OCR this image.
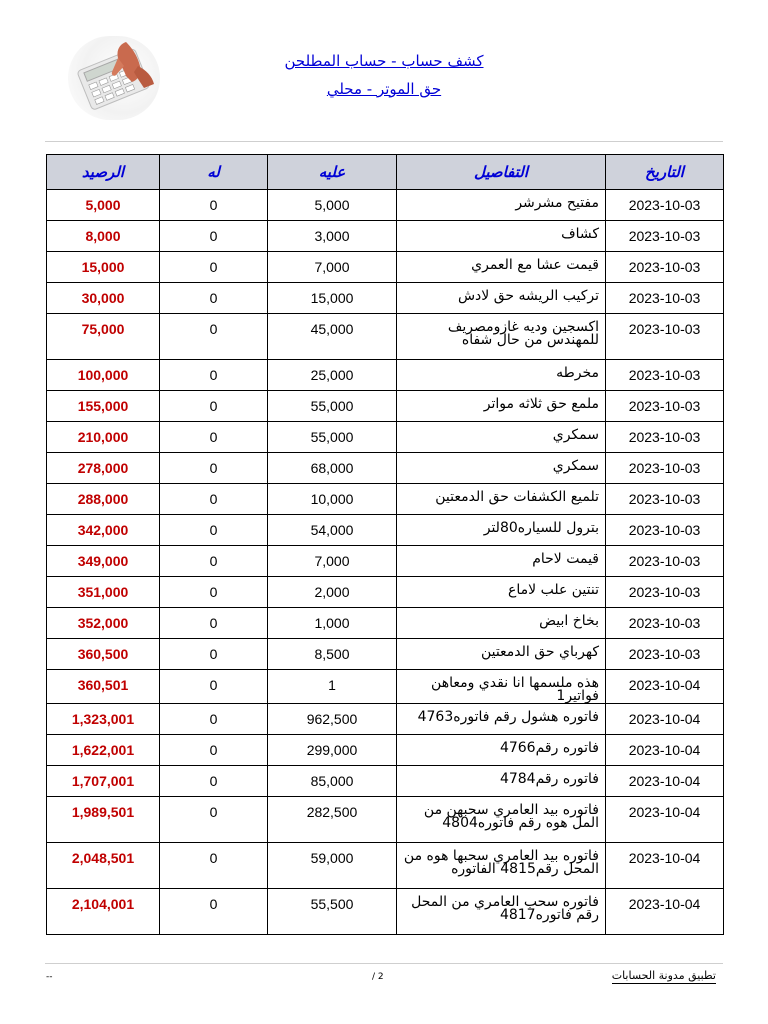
كشف حساب - حساب المطلحن
حق الموتر - محلي
الرصيد	له	عليه	التفاصيل	التاريخ
5,000	0	5,000	مفتيح مشرشر	2023-10-03
8,000	0	3,000	كشاف	2023-10-03
15,000	0	7,000	قيمت عشا مع العمري	2023-10-03
30,000	0	15,000	تركيب الريشه حق لادش	2023-10-03
75,000	0	45,000	اكسجين وديه غازومصريف للمهندس من حال شفاه	2023-10-03
100,000	0	25,000	مخرطه	2023-10-03
155,000	0	55,000	ملمع حق ثلاثه مواتر	2023-10-03
210,000	0	55,000	سمكري	2023-10-03
278,000	0	68,000	سمكري	2023-10-03
288,000	0	10,000	تلميع الكشفات حق الدمعتين	2023-10-03
342,000	0	54,000	بترول للسياره80لتر	2023-10-03
349,000	0	7,000	قيمت لاحام	2023-10-03
351,000	0	2,000	تنتين علب لاماع	2023-10-03
352,000	0	1,000	بخاخ ابيض	2023-10-03
360,500	0	8,500	كهرباي حق الدمعتين	2023-10-03
360,501	0	1	هذه ملسمها انا نقدي ومعاهن فواتير1	2023-10-04
1,323,001	0	962,500	فاتوره هشول رقم فاتوره4763	2023-10-04
1,622,001	0	299,000	فاتوره رقم4766	2023-10-04
1,707,001	0	85,000	فاتوره رقم4784	2023-10-04
1,989,501	0	282,500	فاتوره بيد العامري سحبهن من المل هوه رقم فاتوره4804	2023-10-04
2,048,501	0	59,000	فاتوره بيد العامري سحبها هوه من المحل رقم4815 الفاتوره	2023-10-04
2,104,001	0	55,500	فاتوره سحب العامري من المحل رقم فاتوره4817	2023-10-04
تطبيق مدونة الحسابات
2 /
--
